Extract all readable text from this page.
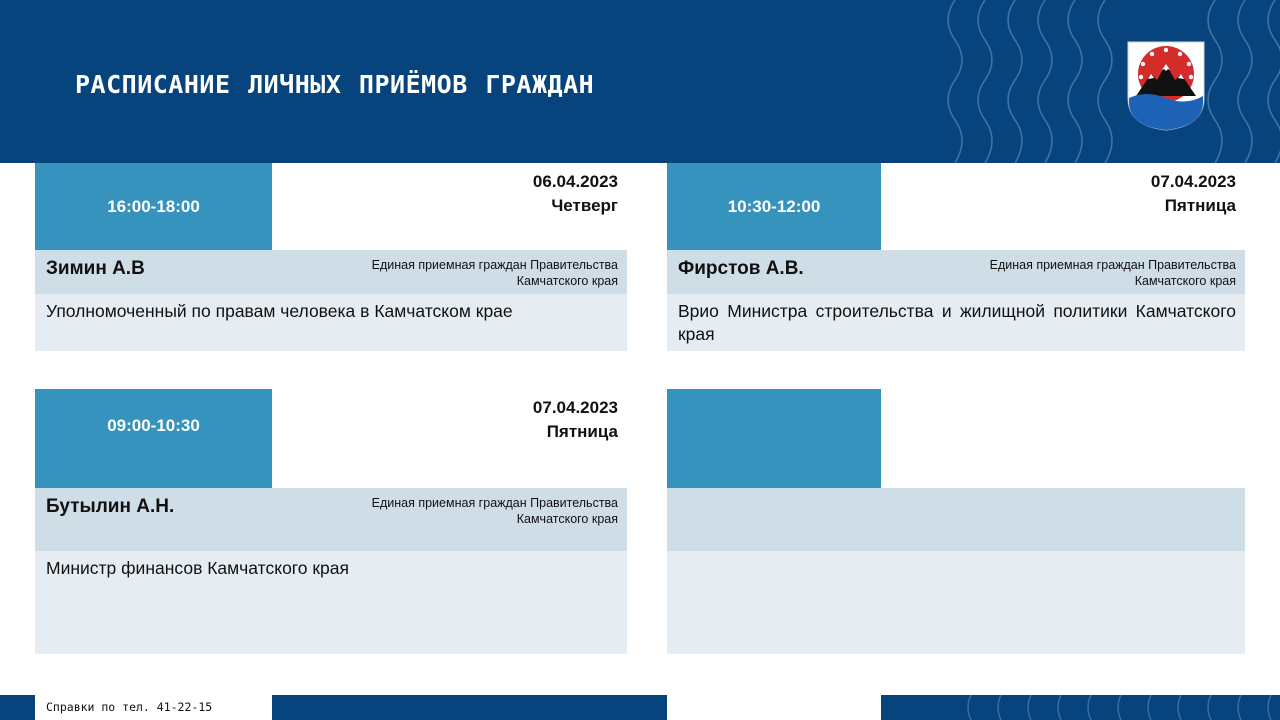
РАСПИСАНИЕ ЛИЧНЫХ ПРИЁМОВ ГРАЖДАН
16:00-18:00
06.04.2023
Четверг
Зимин А.В	Единая приемная граждан Правительства Камчатского края
Уполномоченный по правам человека в Камчатском крае
10:30-12:00
07.04.2023
Пятница
Фирстов А.В.	Единая приемная граждан Правительства Камчатского края
Врио Министра строительства и жилищной политики Камчатского края
09:00-10:30
07.04.2023
Пятница
Бутылин А.Н.	Единая приемная граждан Правительства Камчатского края
Министр финансов Камчатского края
Справки по тел. 41-22-15
